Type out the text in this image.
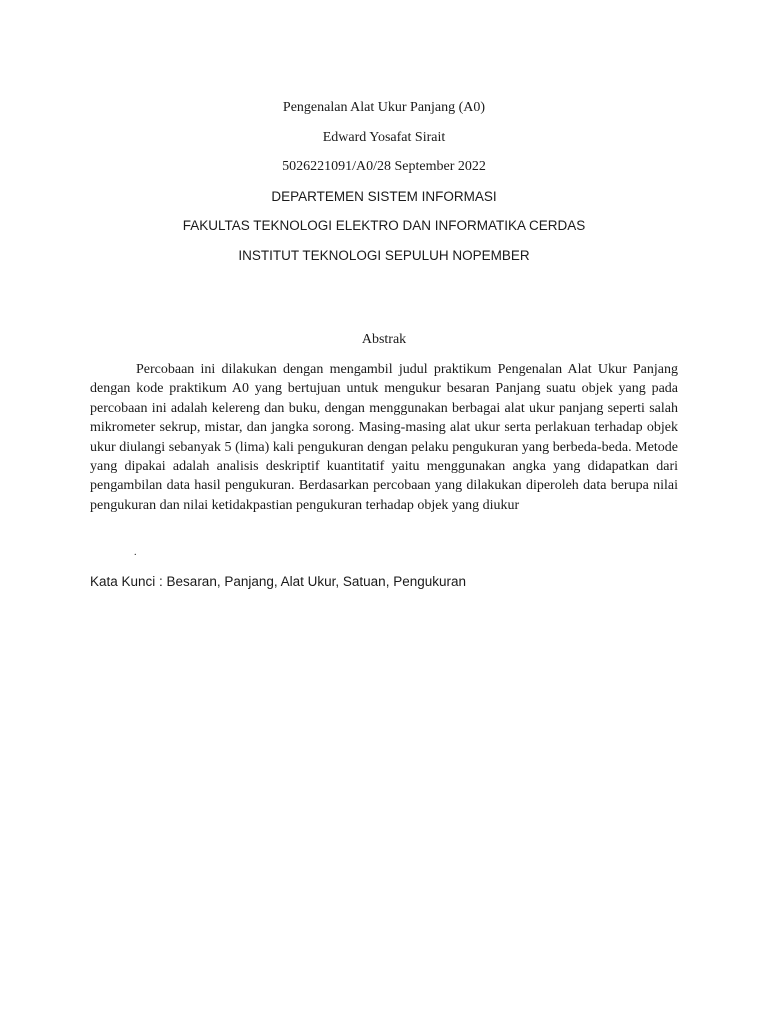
Pengenalan Alat Ukur Panjang (A0)
Edward Yosafat Sirait
5026221091/A0/28 September 2022
DEPARTEMEN SISTEM INFORMASI
FAKULTAS TEKNOLOGI ELEKTRO DAN INFORMATIKA CERDAS
INSTITUT TEKNOLOGI SEPULUH NOPEMBER
Abstrak

Percobaan ini dilakukan dengan mengambil judul praktikum Pengenalan Alat Ukur Panjang dengan kode praktikum A0 yang bertujuan untuk mengukur besaran Panjang suatu objek yang pada percobaan ini adalah kelereng dan buku, dengan menggunakan berbagai alat ukur panjang seperti salah mikrometer sekrup, mistar, dan jangka sorong. Masing-masing alat ukur serta perlakuan terhadap objek ukur diulangi sebanyak 5 (lima) kali pengukuran dengan pelaku pengukuran yang berbeda-beda. Metode yang dipakai adalah analisis deskriptif kuantitatif yaitu menggunakan angka yang didapatkan dari pengambilan data hasil pengukuran. Berdasarkan percobaan yang dilakukan diperoleh data berupa nilai pengukuran dan nilai ketidakpastian pengukuran terhadap objek yang diukur

.
Kata Kunci : Besaran, Panjang, Alat Ukur, Satuan, Pengukuran
